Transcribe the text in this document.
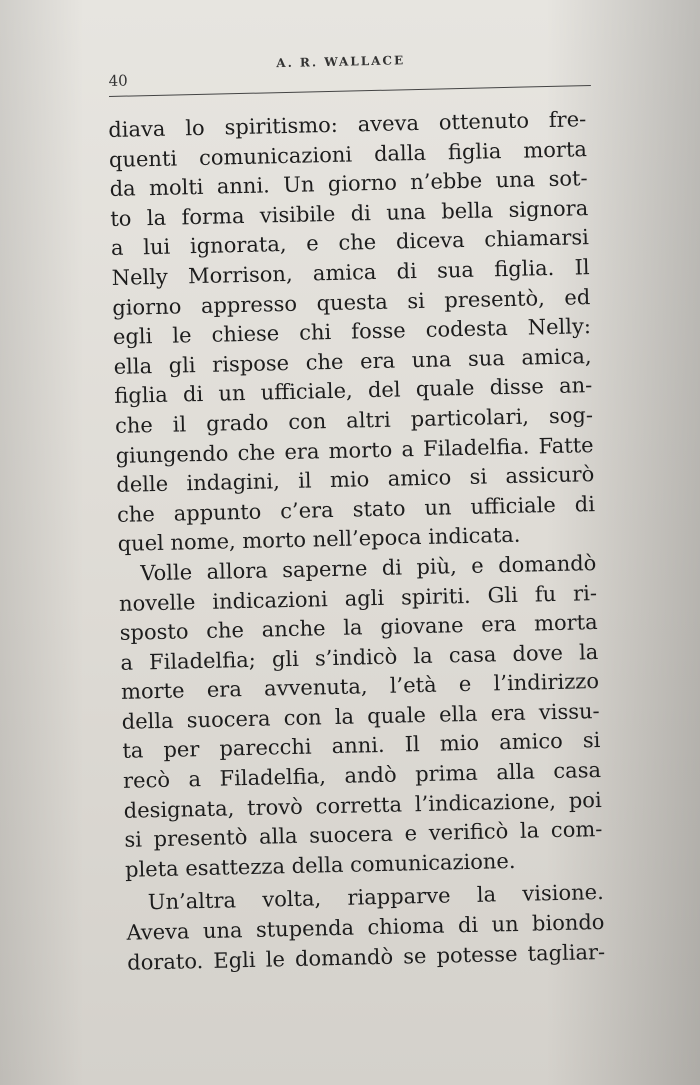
40
A. R. WALLACE
diava lo spiritismo: aveva ottenuto fre-
quenti comunicazioni dalla figlia morta
da molti anni. Un giorno n’ebbe una sot-
to la forma visibile di una bella signora
a lui ignorata, e che diceva chiamarsi
Nelly Morrison, amica di sua figlia. Il
giorno appresso questa si presentò, ed
egli le chiese chi fosse codesta Nelly:
ella gli rispose che era una sua amica,
figlia di un ufficiale, del quale disse an-
che il grado con altri particolari, sog-
giungendo che era morto a Filadelfia. Fatte
delle indagini, il mio amico si assicurò
che appunto c’era stato un ufficiale di
quel nome, morto nell’epoca indicata.
Volle allora saperne di più, e domandò
novelle indicazioni agli spiriti. Gli fu ri-
sposto che anche la giovane era morta
a Filadelfia; gli s’indicò la casa dove la
morte era avvenuta, l’età e l’indirizzo
della suocera con la quale ella era vissu-
ta per parecchi anni. Il mio amico si
recò a Filadelfia, andò prima alla casa
designata, trovò corretta l’indicazione, poi
si presentò alla suocera e verificò la com-
pleta esattezza della comunicazione.
Un’altra volta, riapparve la visione.
Aveva una stupenda chioma di un biondo
dorato. Egli le domandò se potesse tagliar-
